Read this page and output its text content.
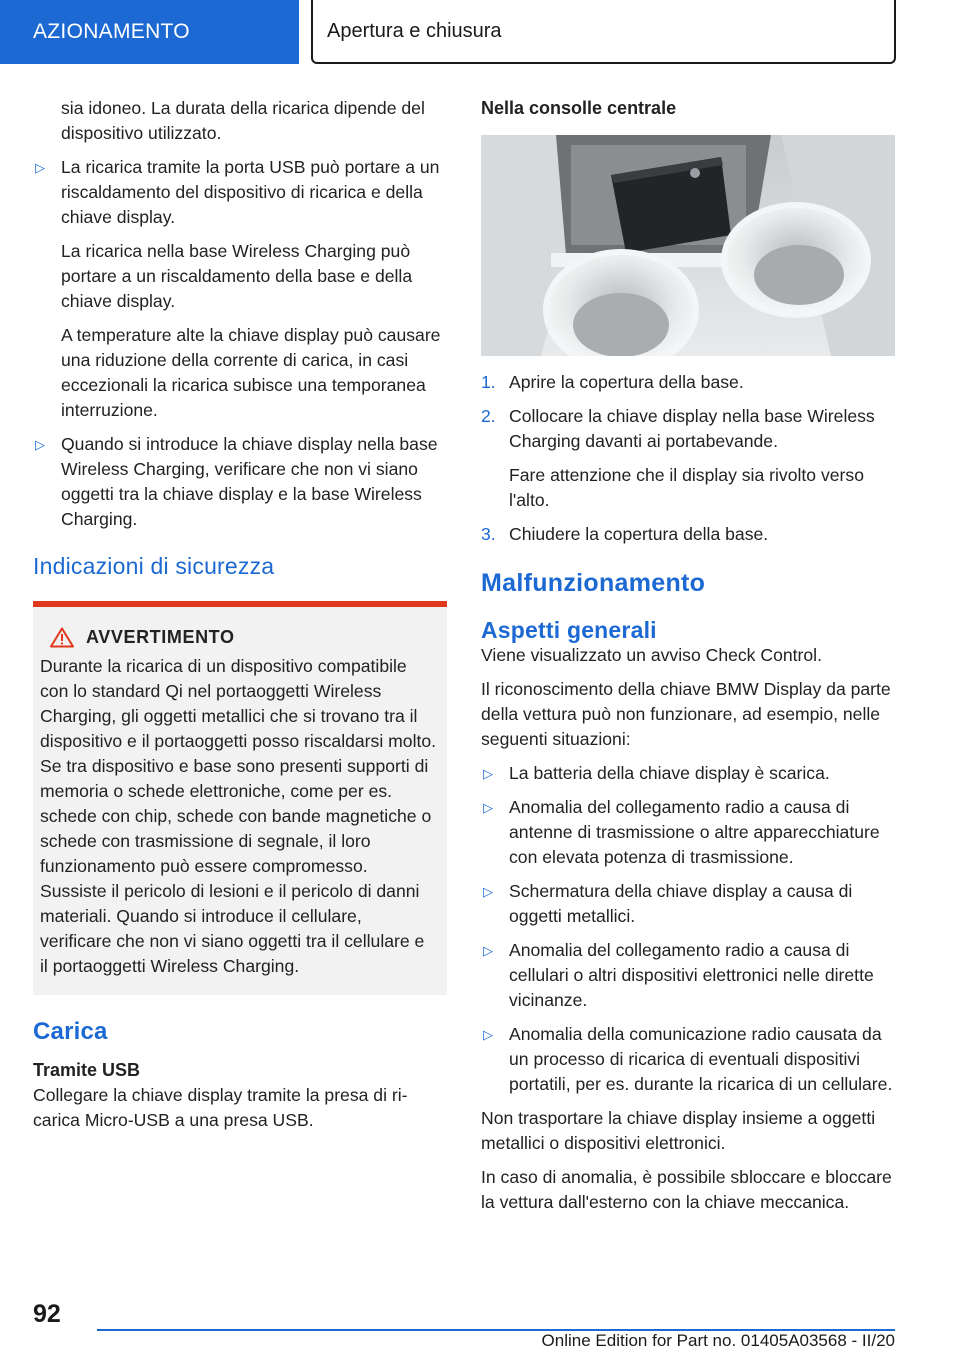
AZIONAMENTO	Apertura e chiusura

sia idoneo. La durata della ricarica dipende del dispositivo utilizzato.

▷ La ricarica tramite la porta USB può portare a un riscaldamento del dispositivo di ricarica e della chiave display.

La ricarica nella base Wireless Charging può portare a un riscaldamento della base e della chiave display.

A temperature alte la chiave display può causare una riduzione della corrente di carica, in casi eccezionali la ricarica subisce una temporanea interruzione.

▷ Quando si introduce la chiave display nella base Wireless Charging, verificare che non vi siano oggetti tra la chiave display e la base Wireless Charging.
Indicazioni di sicurezza
AVVERTIMENTO
Durante la ricarica di un dispositivo compatibile con lo standard Qi nel portaoggetti Wireless Charging, gli oggetti metallici che si trovano tra il dispositivo e il portaoggetti posso riscaldarsi molto. Se tra dispositivo e base sono presenti supporti di memoria o schede elettroniche, come per es. schede con chip, schede con bande magnetiche o schede con trasmissione di segnale, il loro funzionamento può essere compromesso. Sussiste il pericolo di lesioni e il pericolo di danni materiali. Quando si introduce il cellulare, verificare che non vi siano oggetti tra il cellulare e il portaoggetti Wireless Charging.
Carica
Tramite USB

Collegare la chiave display tramite la presa di ricarica Micro-USB a una presa USB.

Nella consolle centrale
1. Aprire la copertura della base.
2. Collocare la chiave display nella base Wireless Charging davanti ai portabevande.

Fare attenzione che il display sia rivolto verso l'alto.

3. Chiudere la copertura della base.
Malfunzionamento
Aspetti generali

Viene visualizzato un avviso Check Control.

Il riconoscimento della chiave BMW Display da parte della vettura può non funzionare, ad esempio, nelle seguenti situazioni:

▷ La batteria della chiave display è scarica.
▷ Anomalia del collegamento radio a causa di antenne di trasmissione o altre apparecchiature con elevata potenza di trasmissione.
▷ Schermatura della chiave display a causa di oggetti metallici.
▷ Anomalia del collegamento radio a causa di cellulari o altri dispositivi elettronici nelle dirette vicinanze.
▷ Anomalia della comunicazione radio causata da un processo di ricarica di eventuali dispositivi portatili, per es. durante la ricarica di un cellulare.

Non trasportare la chiave display insieme a oggetti metallici o dispositivi elettronici.

In caso di anomalia, è possibile sbloccare e bloccare la vettura dall'esterno con la chiave meccanica.

92
Online Edition for Part no. 01405A03568 - II/20
